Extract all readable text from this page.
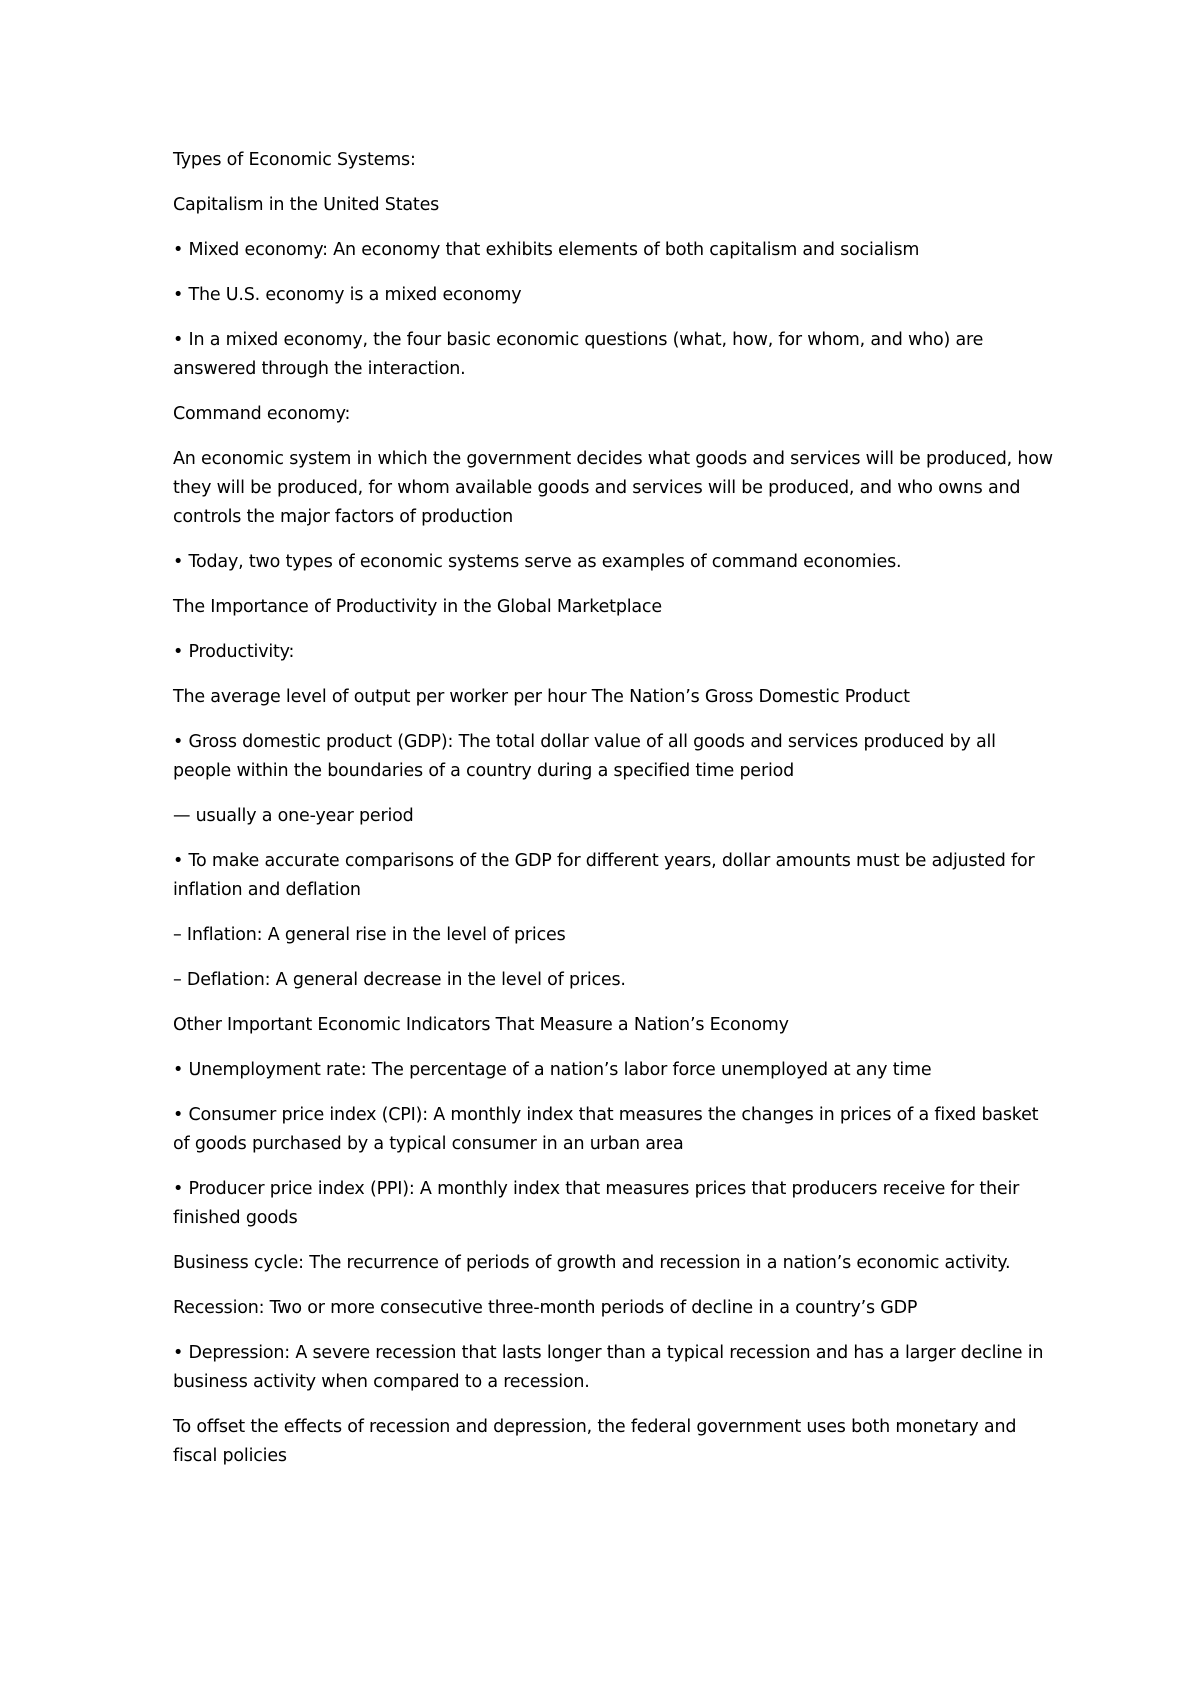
Types of Economic Systems:

Capitalism in the United States

• Mixed economy: An economy that exhibits elements of both capitalism and socialism

• The U.S. economy is a mixed economy

• In a mixed economy, the four basic economic questions (what, how, for whom, and who) are answered through the interaction.

Command economy:

An economic system in which the government decides what goods and services will be produced, how they will be produced, for whom available goods and services will be produced, and who owns and controls the major factors of production

• Today, two types of economic systems serve as examples of command economies.

The Importance of Productivity in the Global Marketplace

• Productivity:

The average level of output per worker per hour The Nation’s Gross Domestic Product

• Gross domestic product (GDP): The total dollar value of all goods and services produced by all people within the boundaries of a country during a specified time period

— usually a one-year period

• To make accurate comparisons of the GDP for different years, dollar amounts must be adjusted for inflation and deflation

– Inflation: A general rise in the level of prices

– Deflation: A general decrease in the level of prices.

Other Important Economic Indicators That Measure a Nation’s Economy

• Unemployment rate: The percentage of a nation’s labor force unemployed at any time

• Consumer price index (CPI): A monthly index that measures the changes in prices of a fixed basket of goods purchased by a typical consumer in an urban area

• Producer price index (PPI): A monthly index that measures prices that producers receive for their finished goods

Business cycle: The recurrence of periods of growth and recession in a nation’s economic activity.

Recession: Two or more consecutive three-month periods of decline in a country’s GDP

• Depression: A severe recession that lasts longer than a typical recession and has a larger decline in business activity when compared to a recession.

To offset the effects of recession and depression, the federal government uses both monetary and fiscal policies
